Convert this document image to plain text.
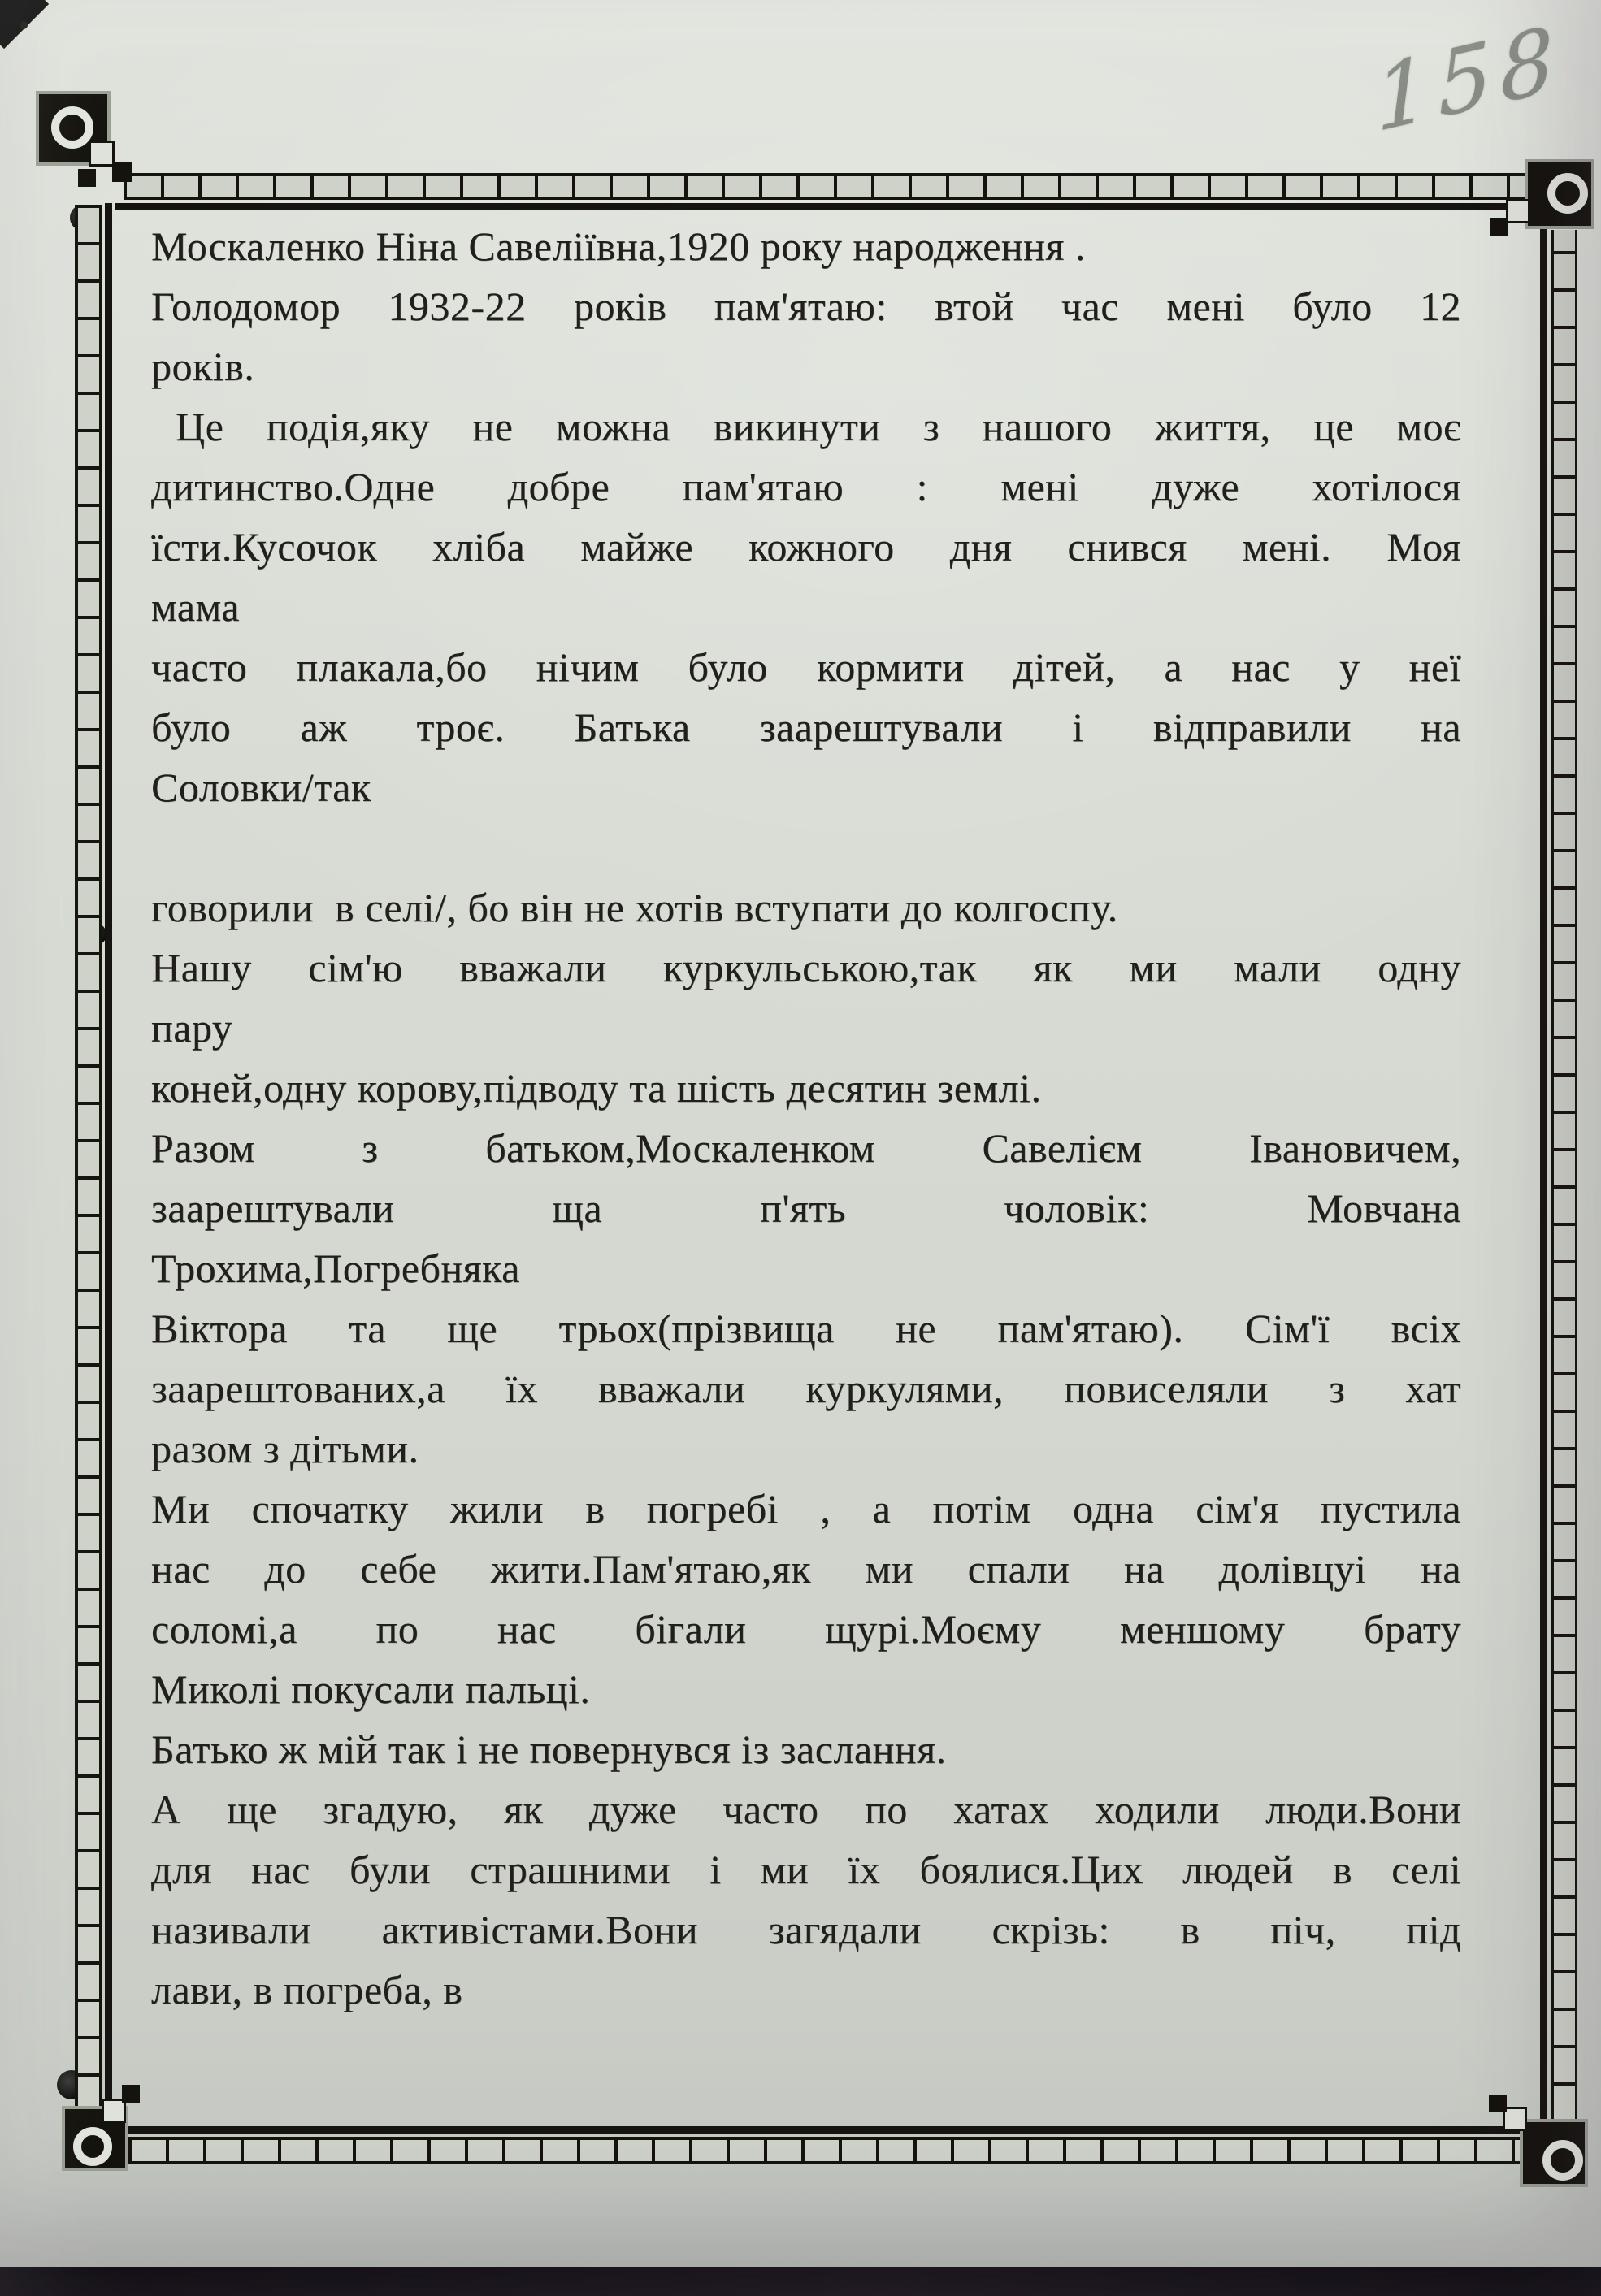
158
Москаленко Ніна Савеліївна,1920 року народження .
Голодомор 1932-22 років пам'ятаю: втой час мені було 12
років.
Це подія,яку не можна викинути з нашого життя, це моє
дитинство.Одне добре пам'ятаю : мені дуже хотілося
їсти.Кусочок хліба майже кожного дня снився мені. Моя
мама
часто плакала,бо нічим було кормити дітей, а нас у неї
було аж троє. Батька заарештували і відправили на
Соловки/так
говорили  в селі/, бо він не хотів вступати до колгоспу.
Нашу сім'ю вважали куркульською,так як ми мали одну
пару
коней,одну корову,підводу та шість десятин землі.
Разом з батьком,Москаленком Савелієм Івановичем,
заарештували ща п'ять чоловік: Мовчана
Трохима,Погребняка
Віктора та ще трьох(прізвища не пам'ятаю). Сім'ї всіх
заарештованих,а їх вважали куркулями, повиселяли з хат
разом з дітьми.
Ми спочатку жили в погребі , а потім одна сім'я пустила
нас до себе жити.Пам'ятаю,як ми спали на долівцуі на
соломі,а по нас бігали щурі.Моєму меншому брату
Миколі покусали пальці.
Батько ж мій так і не повернувся із заслання.
А ще згадую, як дуже часто по хатах ходили люди.Вони
для нас були страшними і ми їх боялися.Цих людей в селі
називали активістами.Вони загядали скрізь: в піч, під
лави, в погреба, в
